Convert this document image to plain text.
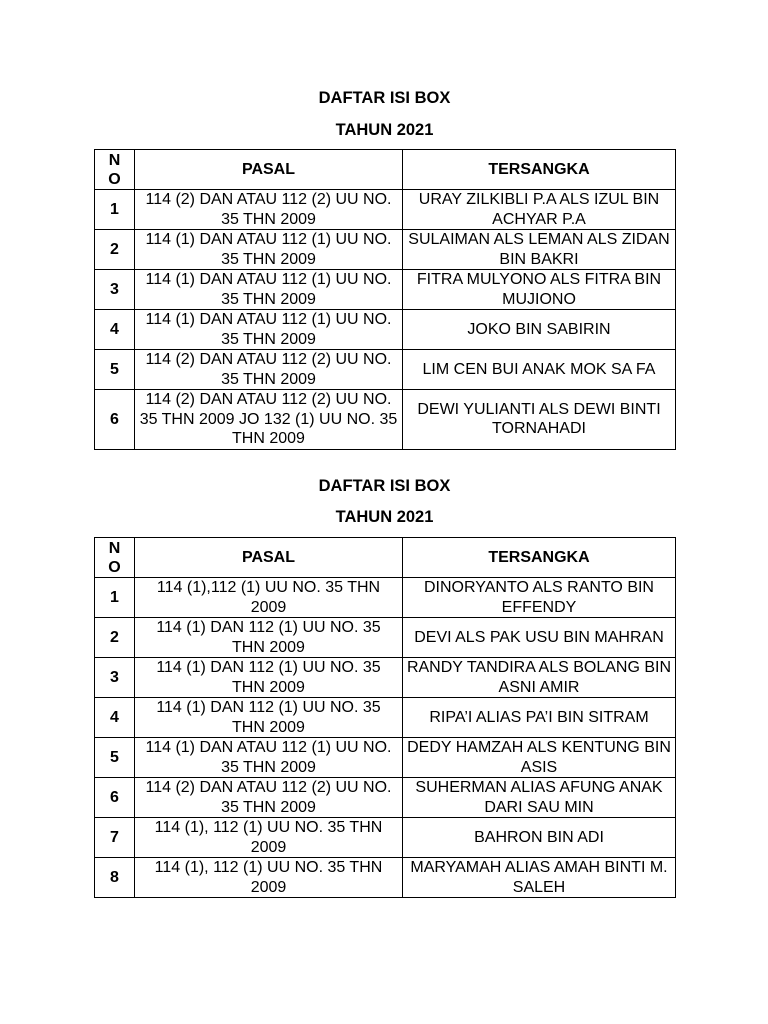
DAFTAR ISI BOX
TAHUN 2021
N
O	PASAL	TERSANGKA
1	114 (2) DAN ATAU 112 (2) UU NO. 35 THN 2009	URAY ZILKIBLI P.A ALS IZUL BIN ACHYAR P.A
2	114 (1) DAN ATAU 112 (1) UU NO. 35 THN 2009	SULAIMAN ALS LEMAN ALS ZIDAN BIN BAKRI
3	114 (1) DAN ATAU 112 (1) UU NO. 35 THN 2009	FITRA MULYONO ALS FITRA BIN MUJIONO
4	114 (1) DAN ATAU 112 (1) UU NO. 35 THN 2009	JOKO BIN SABIRIN
5	114 (2) DAN ATAU 112 (2) UU NO. 35 THN 2009	LIM CEN BUI ANAK MOK SA FA
6	114 (2) DAN ATAU 112 (2) UU NO. 35 THN 2009 JO 132 (1) UU NO. 35 THN 2009	DEWI YULIANTI ALS DEWI BINTI TORNAHADI
DAFTAR ISI BOX
TAHUN 2021
N
O	PASAL	TERSANGKA
1	114 (1),112 (1) UU NO. 35 THN 2009	DINORYANTO ALS RANTO BIN EFFENDY
2	114 (1) DAN 112 (1) UU NO. 35 THN 2009	DEVI ALS PAK USU BIN MAHRAN
3	114 (1) DAN 112 (1) UU NO. 35 THN 2009	RANDY TANDIRA ALS BOLANG BIN ASNI AMIR
4	114 (1) DAN 112 (1) UU NO. 35 THN 2009	RIPA’I ALIAS PA’I BIN SITRAM
5	114 (1) DAN ATAU 112 (1) UU NO. 35 THN 2009	DEDY HAMZAH ALS KENTUNG BIN ASIS
6	114 (2) DAN ATAU 112 (2) UU NO. 35 THN 2009	SUHERMAN ALIAS AFUNG ANAK DARI SAU MIN
7	114 (1), 112 (1) UU NO. 35 THN 2009	BAHRON BIN ADI
8	114 (1), 112 (1) UU NO. 35 THN 2009	MARYAMAH ALIAS AMAH BINTI M. SALEH
